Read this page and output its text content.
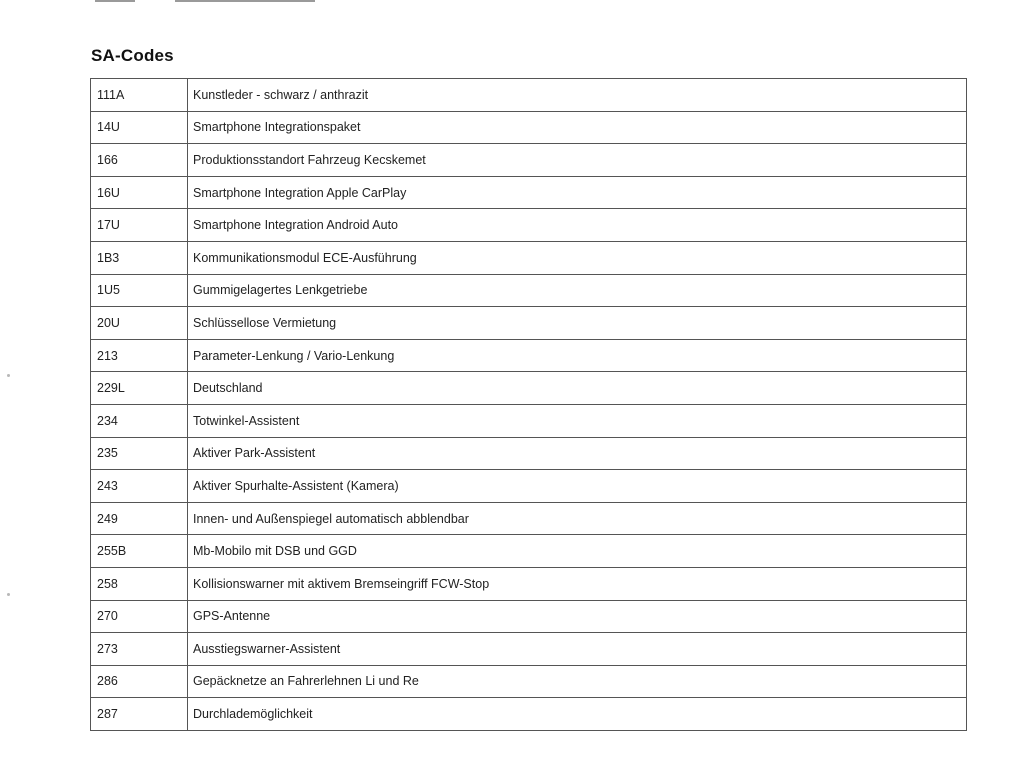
SA-Codes
111A	Kunstleder - schwarz / anthrazit
14U	Smartphone Integrationspaket
166	Produktionsstandort Fahrzeug Kecskemet
16U	Smartphone Integration Apple CarPlay
17U	Smartphone Integration Android Auto
1B3	Kommunikationsmodul ECE-Ausführung
1U5	Gummigelagertes Lenkgetriebe
20U	Schlüssellose Vermietung
213	Parameter-Lenkung / Vario-Lenkung
229L	Deutschland
234	Totwinkel-Assistent
235	Aktiver Park-Assistent
243	Aktiver Spurhalte-Assistent (Kamera)
249	Innen- und Außenspiegel automatisch abblendbar
255B	Mb-Mobilo mit DSB und GGD
258	Kollisionswarner mit aktivem Bremseingriff FCW-Stop
270	GPS-Antenne
273	Ausstiegswarner-Assistent
286	Gepäcknetze an Fahrerlehnen Li und Re
287	Durchlademöglichkeit
